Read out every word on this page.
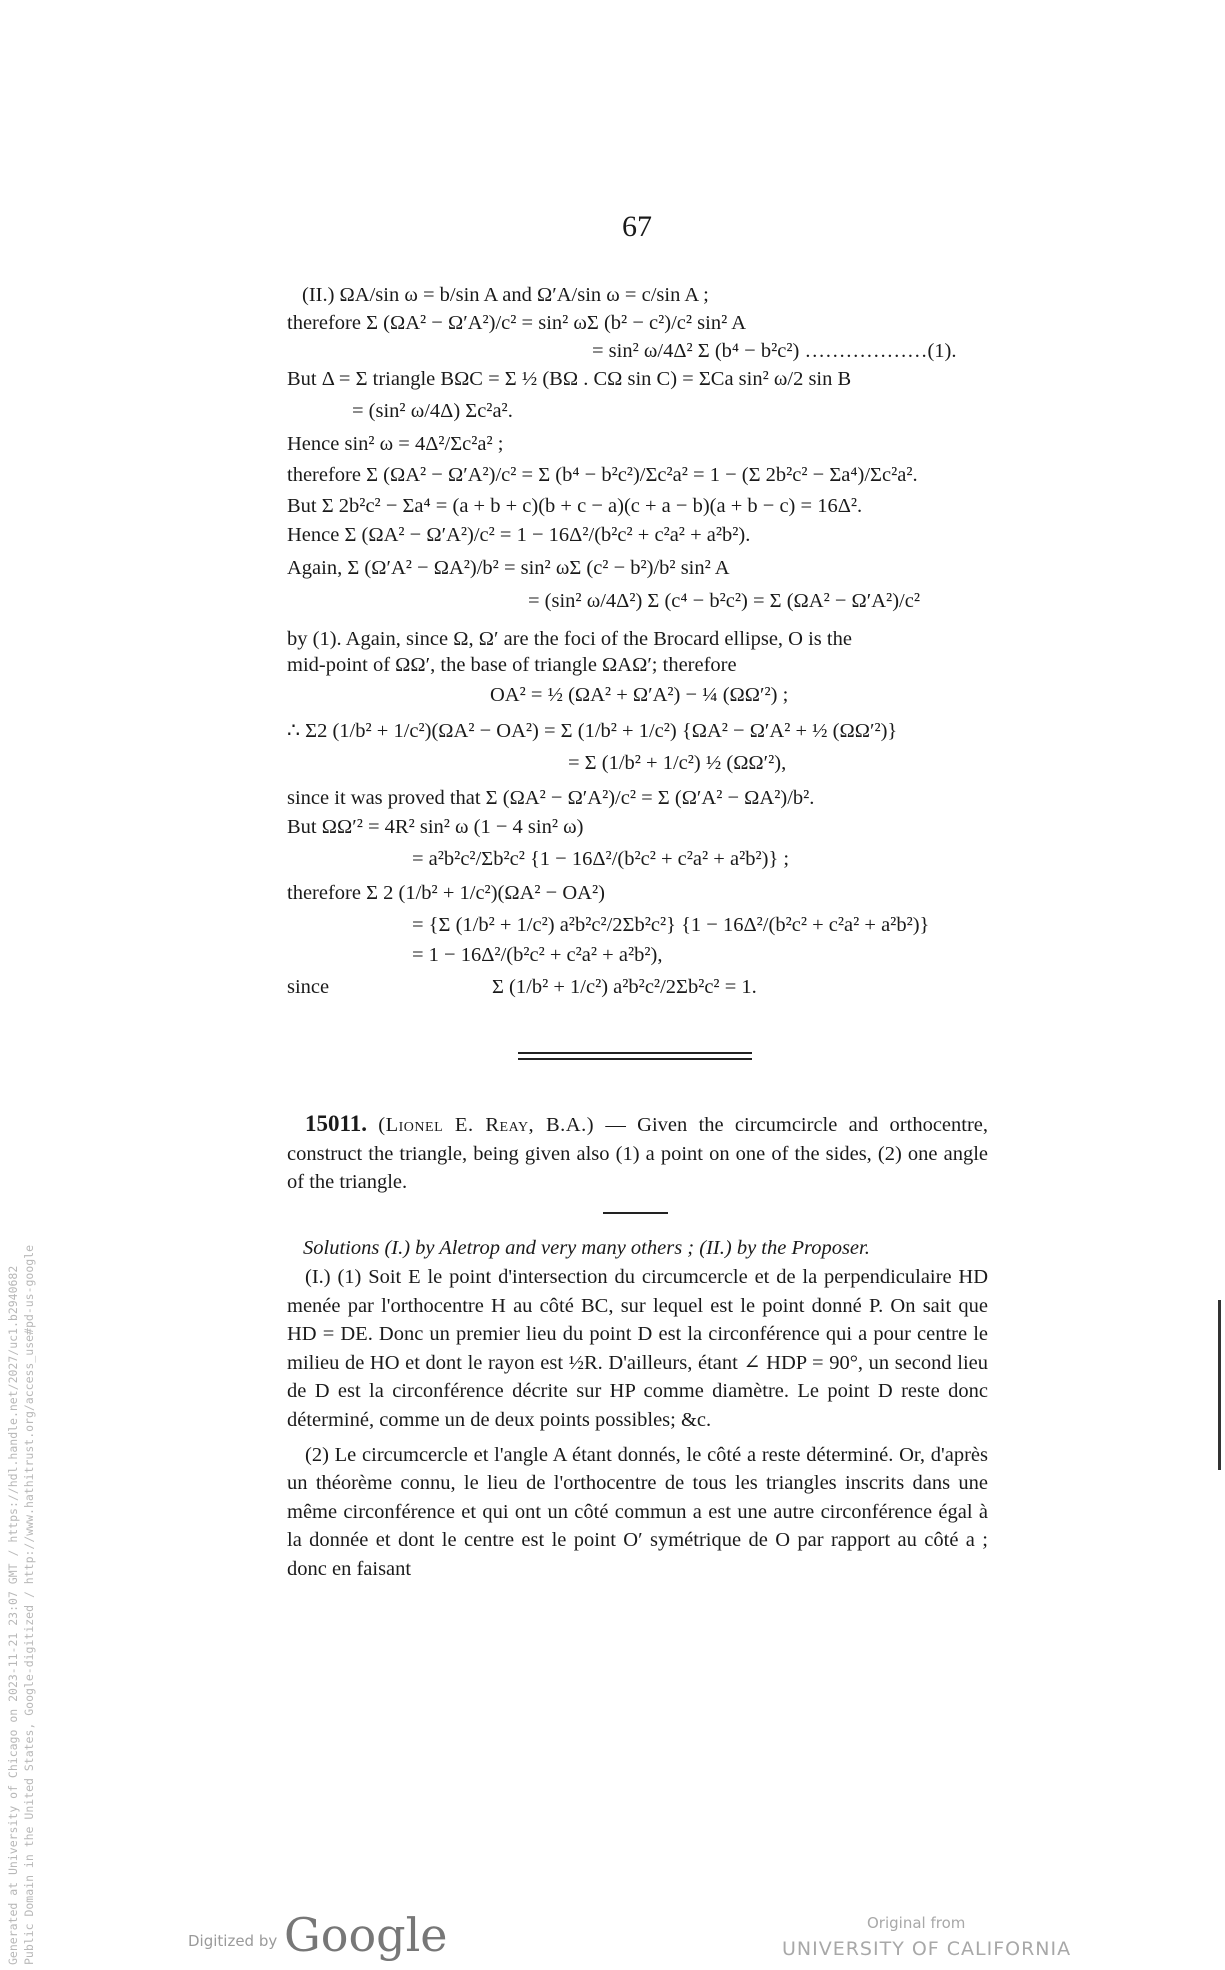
67
(II.) ΩA/sin ω = b/sin A and Ω′A/sin ω = c/sin A ;
therefore Σ (ΩA² − Ω′A²)/c² = sin² ωΣ (b² − c²)/c² sin² A
= sin² ω/4Δ² Σ (b⁴ − b²c²) ………………(1).
But Δ = Σ triangle BΩC = Σ ½ (BΩ . CΩ sin C) = ΣCa sin² ω/2 sin B
= (sin² ω/4Δ) Σc²a².
Hence sin² ω = 4Δ²/Σc²a² ;
therefore Σ (ΩA² − Ω′A²)/c² = Σ (b⁴ − b²c²)/Σc²a² = 1 − (Σ 2b²c² − Σa⁴)/Σc²a².
But Σ 2b²c² − Σa⁴ = (a + b + c)(b + c − a)(c + a − b)(a + b − c) = 16Δ².
Hence Σ (ΩA² − Ω′A²)/c² = 1 − 16Δ²/(b²c² + c²a² + a²b²).
Again, Σ (Ω′A² − ΩA²)/b² = sin² ωΣ (c² − b²)/b² sin² A
= (sin² ω/4Δ²) Σ (c⁴ − b²c²) = Σ (ΩA² − Ω′A²)/c²
by (1). Again, since Ω, Ω′ are the foci of the Brocard ellipse, O is the
mid-point of ΩΩ′, the base of triangle ΩAΩ′; therefore
OA² = ½ (ΩA² + Ω′A²) − ¼ (ΩΩ′²) ;
∴ Σ2 (1/b² + 1/c²)(ΩA² − OA²) = Σ (1/b² + 1/c²) {ΩA² − Ω′A² + ½ (ΩΩ′²)}
= Σ (1/b² + 1/c²) ½ (ΩΩ′²),
since it was proved that Σ (ΩA² − Ω′A²)/c² = Σ (Ω′A² − ΩA²)/b².
But ΩΩ′² = 4R² sin² ω (1 − 4 sin² ω)
= a²b²c²/Σb²c² {1 − 16Δ²/(b²c² + c²a² + a²b²)} ;
therefore Σ 2 (1/b² + 1/c²)(ΩA² − OA²)
= {Σ (1/b² + 1/c²) a²b²c²/2Σb²c²} {1 − 16Δ²/(b²c² + c²a² + a²b²)}
= 1 − 16Δ²/(b²c² + c²a² + a²b²),
since	Σ (1/b² + 1/c²) a²b²c²/2Σb²c² = 1.

15011. (Lionel E. Reay, B.A.) — Given the circumcircle and orthocentre, construct the triangle, being given also (1) a point on one of the sides, (2) one angle of the triangle.

Solutions (I.) by Aletrop and very many others ; (II.) by the Proposer.

(I.) (1) Soit E le point d'intersection du circumcercle et de la perpendiculaire HD menée par l'orthocentre H au côté BC, sur lequel est le point donné P. On sait que HD = DE. Donc un premier lieu du point D est la circonférence qui a pour centre le milieu de HO et dont le rayon est ½R. D'ailleurs, étant ∠ HDP = 90°, un second lieu de D est la circonférence décrite sur HP comme diamètre. Le point D reste donc déterminé, comme un de deux points possibles; &c.

(2) Le circumcercle et l'angle A étant donnés, le côté a reste déterminé. Or, d'après un théorème connu, le lieu de l'orthocentre de tous les triangles inscrits dans une même circonférence et qui ont un côté commun a est une autre circonférence égal à la donnée et dont le centre est le point O′ symétrique de O par rapport au côté a ; donc en faisant

Generated at University of Chicago on 2023-11-21 23:07 GMT / https://hdl.handle.net/2027/uc1.b2940682 Public Domain in the United States, Google-digitized / http://www.hathitrust.org/access_use#pd-us-google	Digitized by Google	Original from
UNIVERSITY OF CALIFORNIA
